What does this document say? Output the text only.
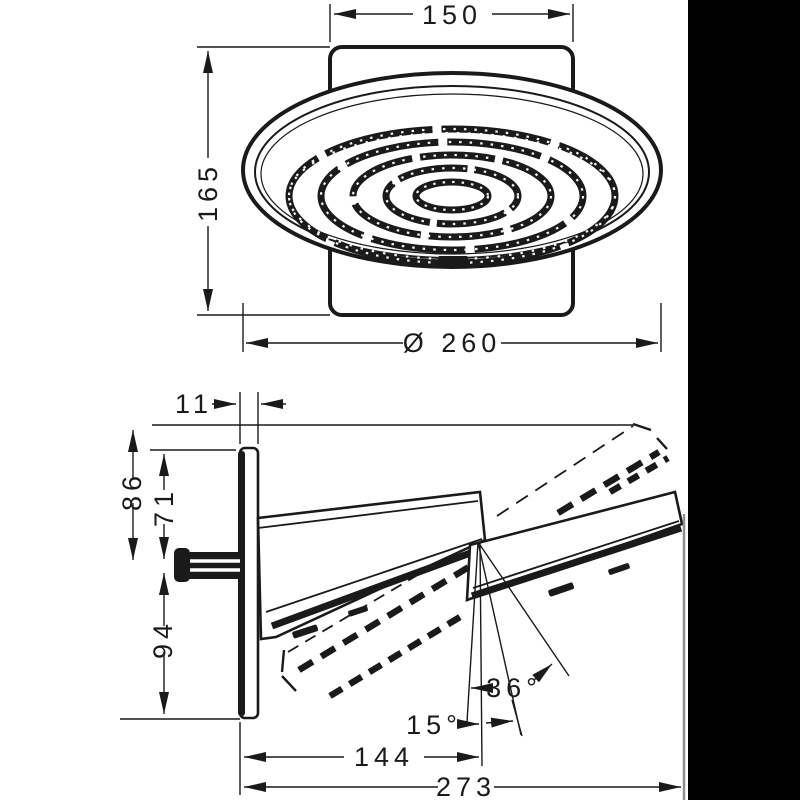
150
165
Ø 260
11
86 71
94
36°
15°
144
273
